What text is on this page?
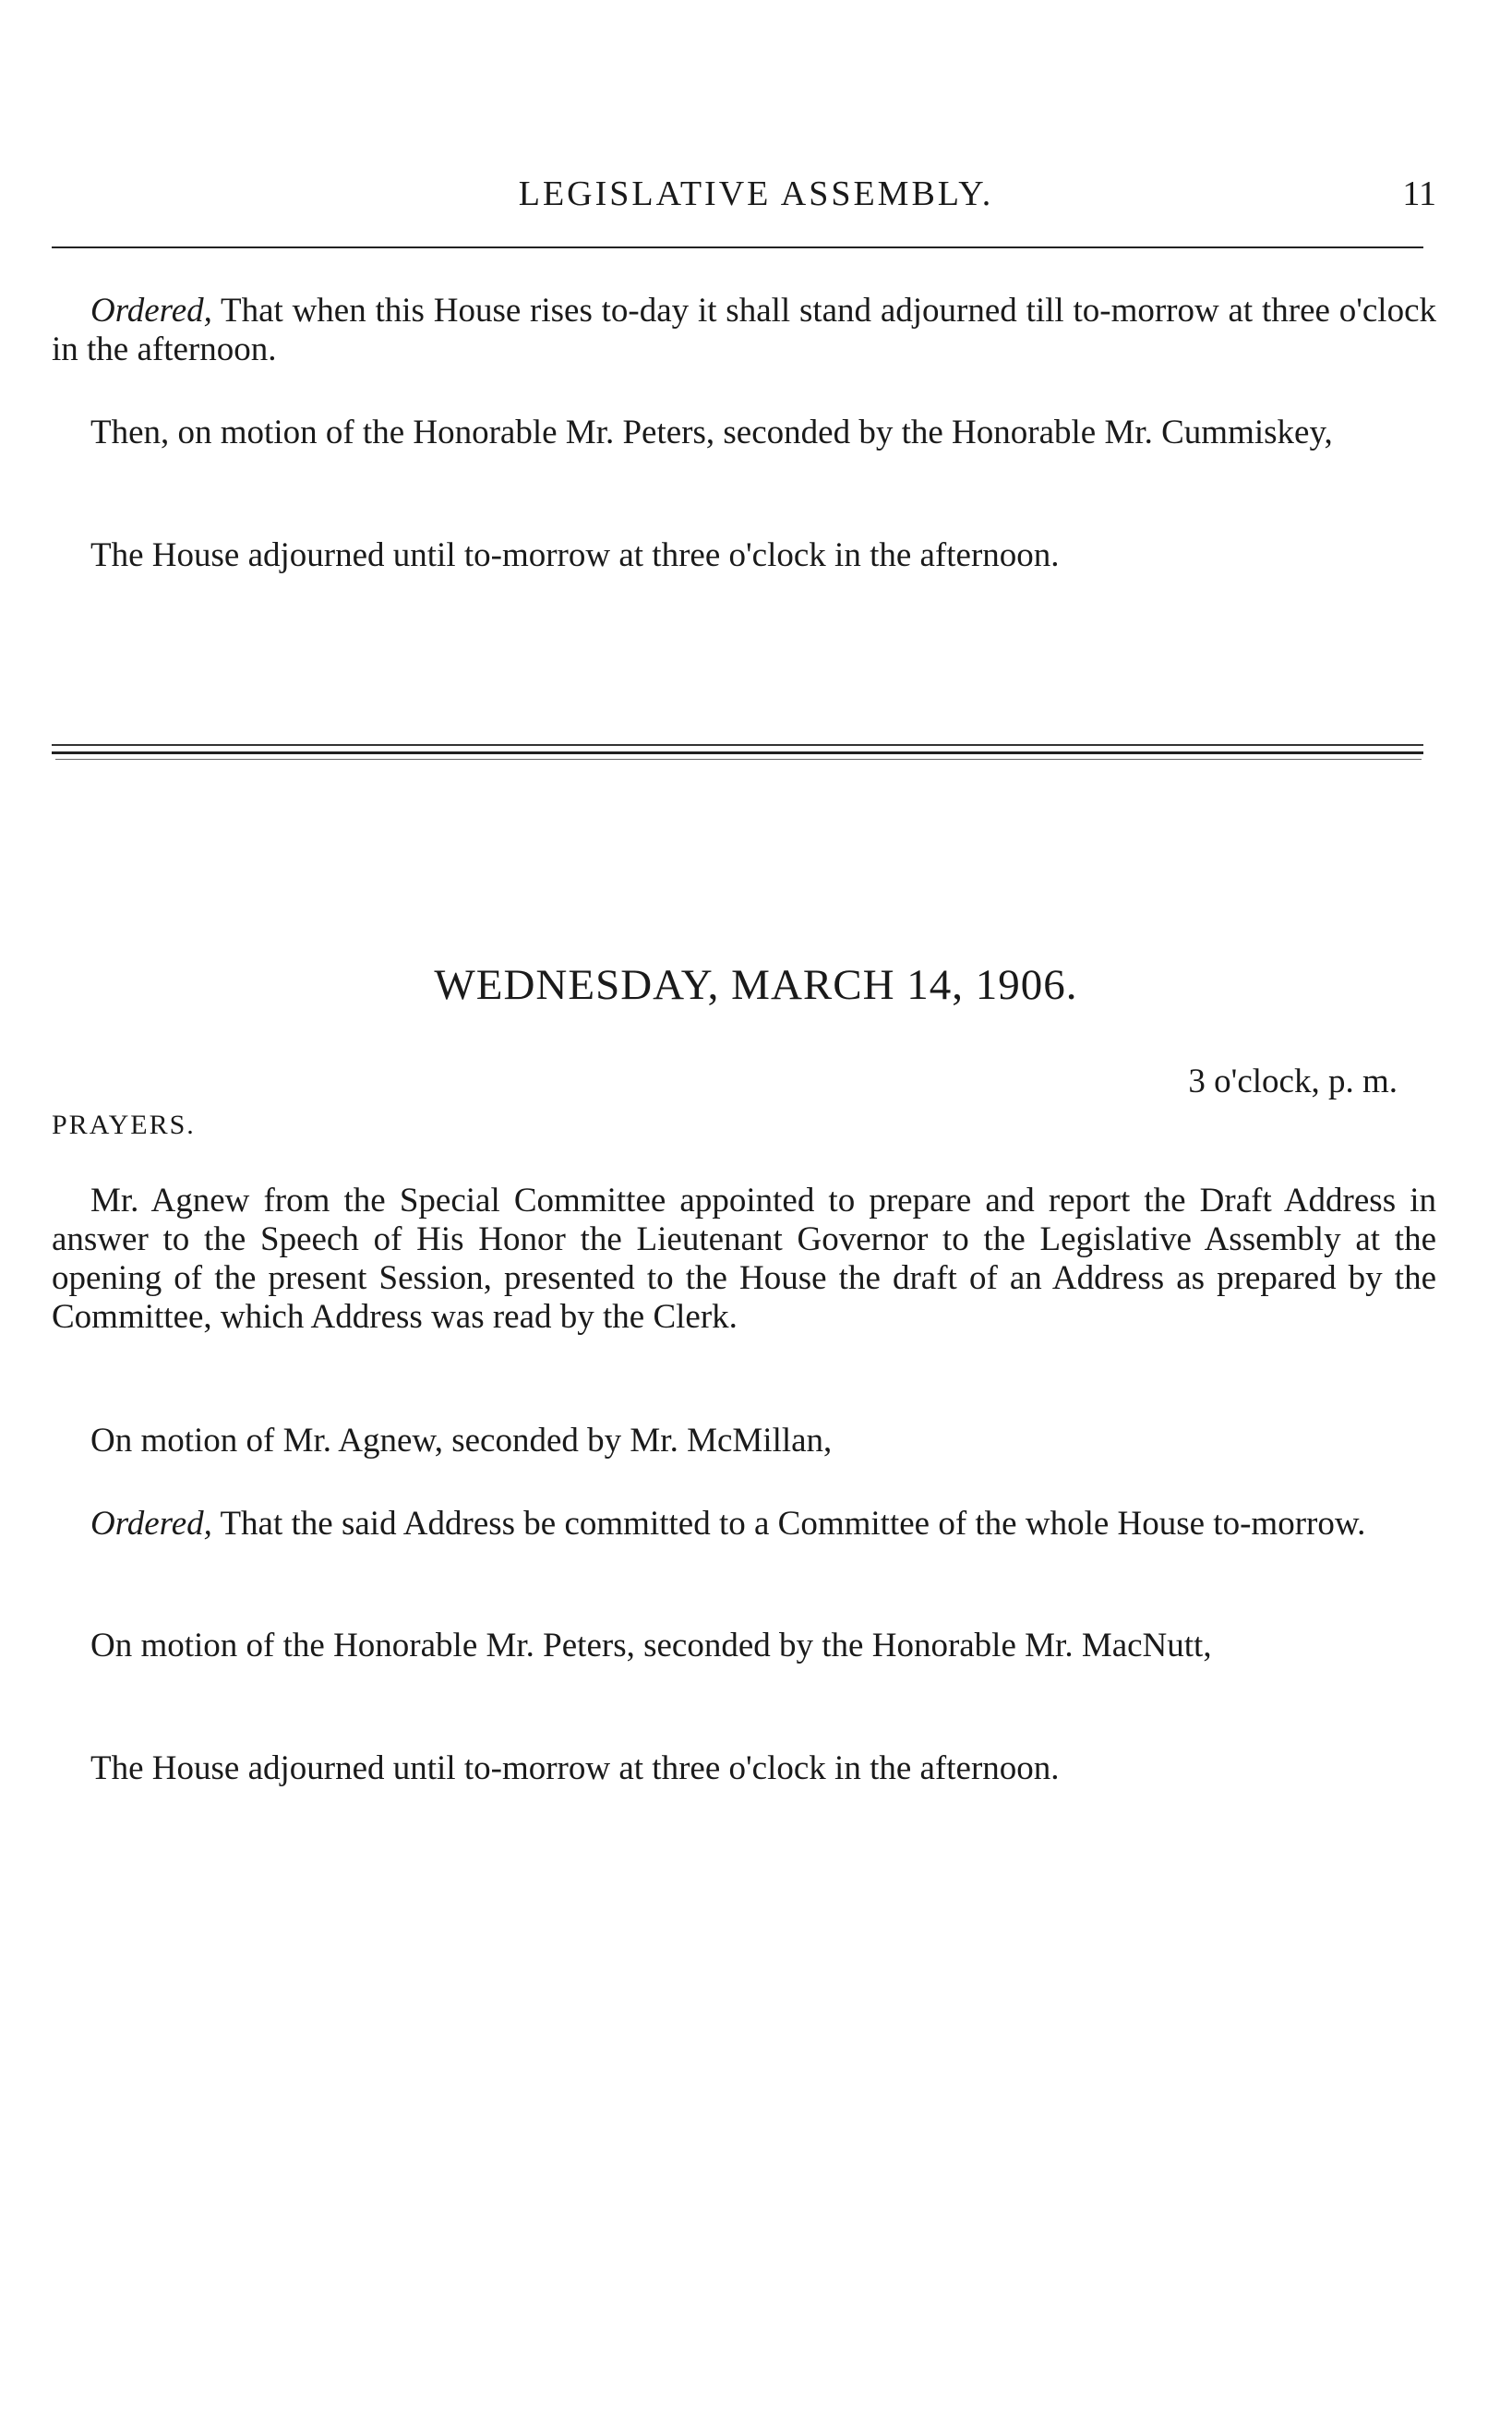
LEGISLATIVE ASSEMBLY.	11
Ordered, That when this House rises to-day it shall stand adjourned till to-morrow at three o'clock in the afternoon.
Then, on motion of the Honorable Mr. Peters, seconded by the Honorable Mr. Cummiskey,
The House adjourned until to-morrow at three o'clock in the afternoon.
WEDNESDAY, MARCH 14, 1906.
3 o'clock, p. m.
PRAYERS.
Mr. Agnew from the Special Committee appointed to prepare and report the Draft Address in answer to the Speech of His Honor the Lieutenant Governor to the Legislative Assembly at the opening of the present Session, presented to the House the draft of an Address as prepared by the Committee, which Address was read by the Clerk.
On motion of Mr. Agnew, seconded by Mr. McMillan,
Ordered, That the said Address be committed to a Committee of the whole House to-morrow.
On motion of the Honorable Mr. Peters, seconded by the Honorable Mr. MacNutt,
The House adjourned until to-morrow at three o'clock in the afternoon.
